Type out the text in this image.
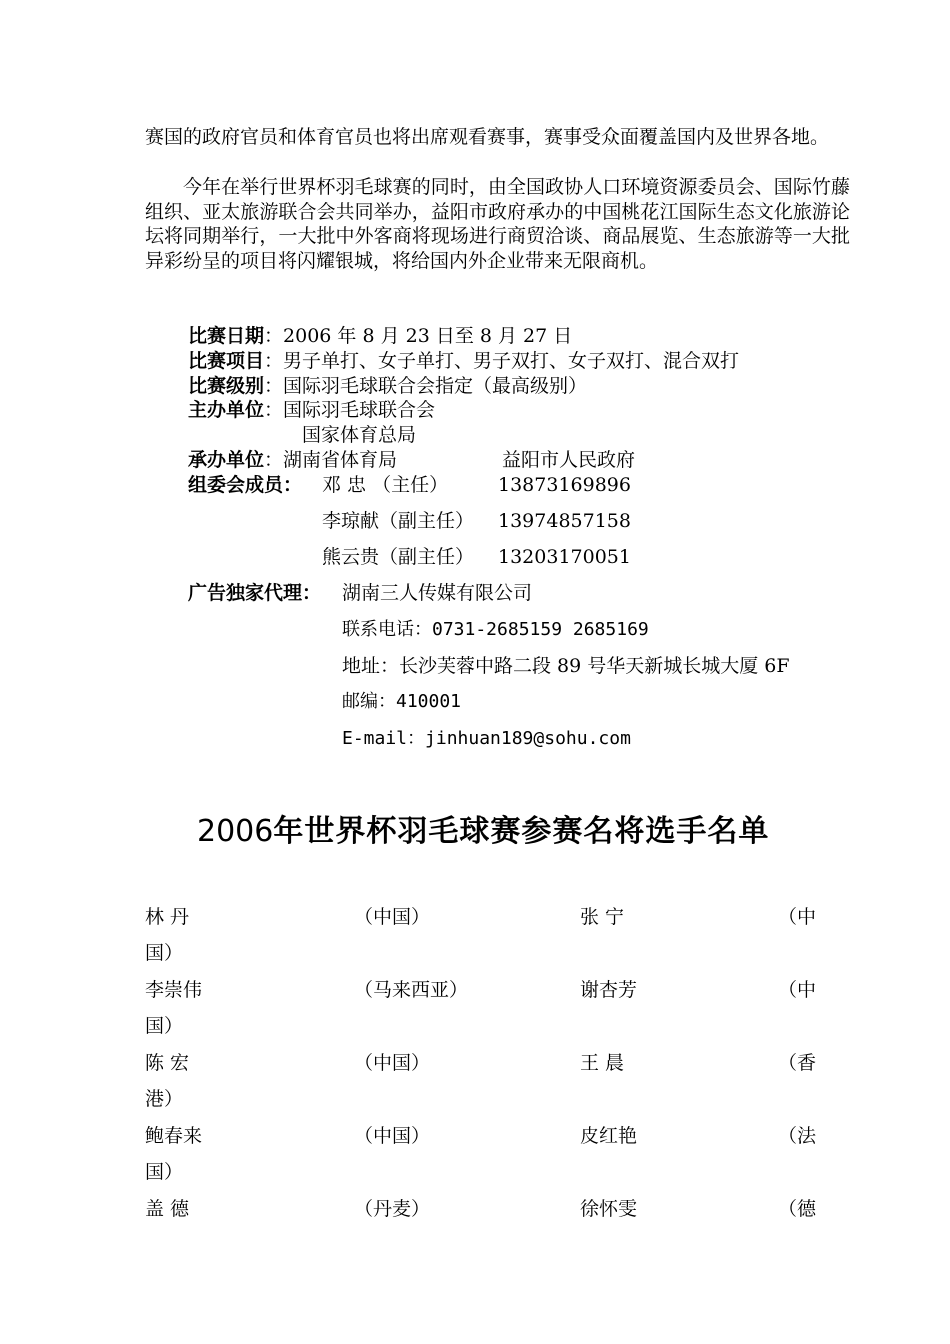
赛国的政府官员和体育官员也将出席观看赛事，赛事受众面覆盖国内及世界各地。
今年在举行世界杯羽毛球赛的同时，由全国政协人口环境资源委员会、国际竹藤组织、亚太旅游联合会共同举办，益阳市政府承办的中国桃花江国际生态文化旅游论坛将同期举行，一大批中外客商将现场进行商贸洽谈、商品展览、生态旅游等一大批异彩纷呈的项目将闪耀银城，将给国内外企业带来无限商机。
比赛日期：2006 年 8 月 23 日至 8 月 27 日
比赛项目：男子单打、女子单打、男子双打、女子双打、混合双打
比赛级别：国际羽毛球联合会指定（最高级别）
主办单位：国际羽毛球联合会
国家体育总局
承办单位：湖南省体育局	益阳市人民政府
组委会成员： 邓 忠 （主任）	13873169896
李琼献（副主任） 13974857158
熊云贵（副主任） 13203170051
广告独家代理： 湖南三人传媒有限公司
联系电话：0731-2685159 2685169
地址：长沙芙蓉中路二段 89 号华天新城长城大厦 6F
邮编：410001
E-mail：jinhuan189@sohu.com
2006年世界杯羽毛球赛参赛名将选手名单
林 丹	（中国）	张 宁	（中
国）
李崇伟	（马来西亚）	谢杏芳	（中
国）
陈 宏	（中国）	王 晨	（香
港）
鲍春来	（中国）	皮红艳	（法
国）
盖 德	（丹麦）	徐怀雯	（德
